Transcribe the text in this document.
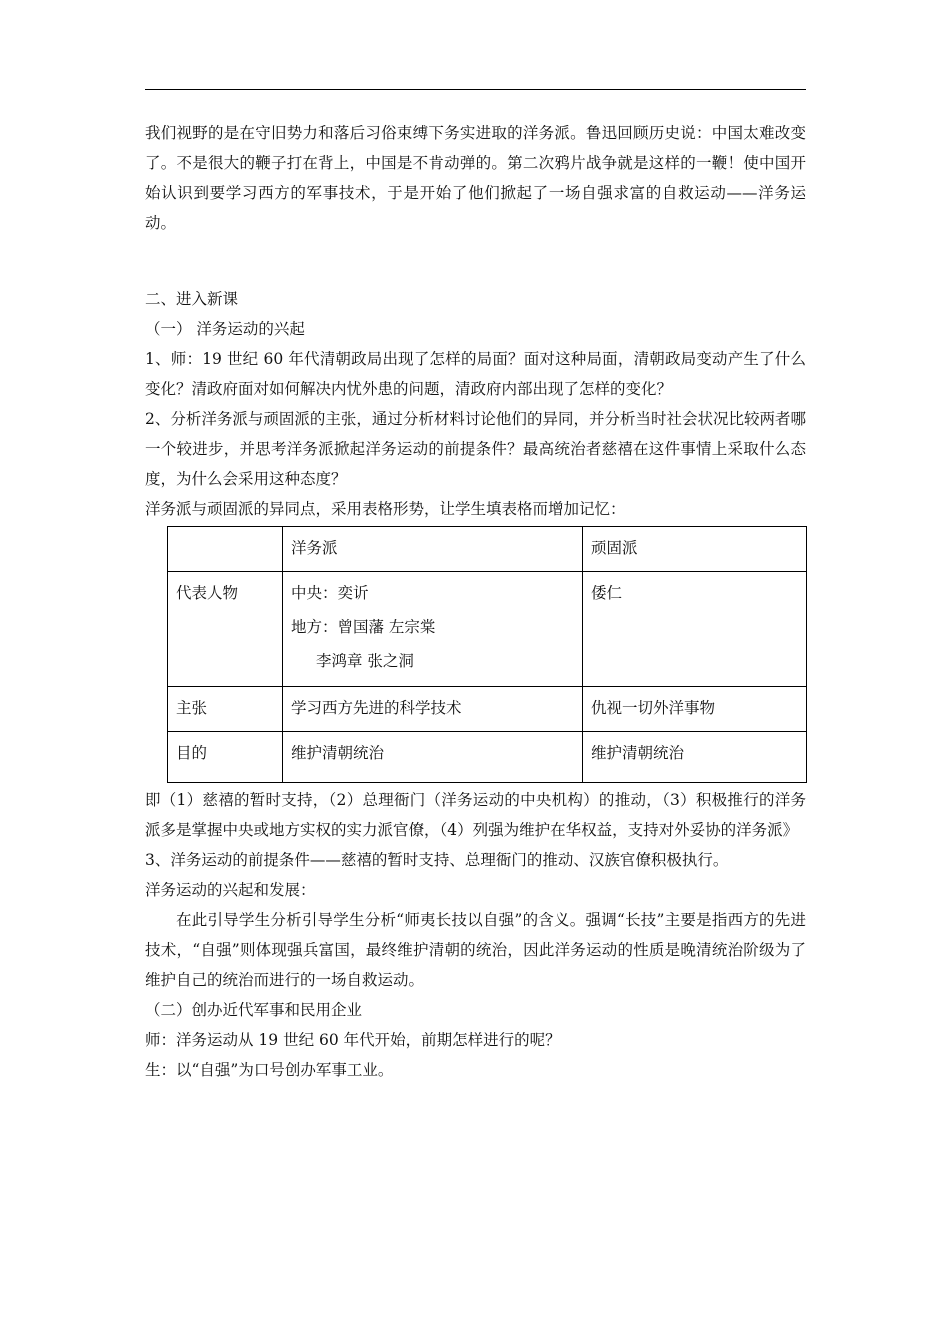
我们视野的是在守旧势力和落后习俗束缚下务实进取的洋务派。鲁迅回顾历史说：中国太难改变了。不是很大的鞭子打在背上，中国是不肯动弹的。第二次鸦片战争就是这样的一鞭！使中国开始认识到要学习西方的军事技术，于是开始了他们掀起了一场自强求富的自救运动——洋务运动。

二、进入新课

（一） 洋务运动的兴起

1、师：19 世纪 60 年代清朝政局出现了怎样的局面？面对这种局面，清朝政局变动产生了什么变化？清政府面对如何解决内忧外患的问题，清政府内部出现了怎样的变化？

2、分析洋务派与顽固派的主张，通过分析材料讨论他们的异同，并分析当时社会状况比较两者哪一个较进步，并思考洋务派掀起洋务运动的前提条件？最高统治者慈禧在这件事情上采取什么态度，为什么会采用这种态度？

洋务派与顽固派的异同点，采用表格形势，让学生填表格而增加记忆：

	洋务派	顽固派
代表人物	中央：奕䜣
地方：曾国藩 左宗棠
李鸿章 张之洞	倭仁
主张	学习西方先进的科学技术	仇视一切外洋事物
目的	维护清朝统治	维护清朝统治

即（1）慈禧的暂时支持，（2）总理衙门（洋务运动的中央机构）的推动，（3）积极推行的洋务派多是掌握中央或地方实权的实力派官僚，（4）列强为维护在华权益，支持对外妥协的洋务派》

3、洋务运动的前提条件——慈禧的暂时支持、总理衙门的推动、汉族官僚积极执行。

洋务运动的兴起和发展：

在此引导学生分析引导学生分析“师夷长技以自强”的含义。强调“长技”主要是指西方的先进技术，“自强”则体现强兵富国，最终维护清朝的统治，因此洋务运动的性质是晚清统治阶级为了维护自己的统治而进行的一场自救运动。

（二）创办近代军事和民用企业

师：洋务运动从 19 世纪 60 年代开始，前期怎样进行的呢？

生：以“自强”为口号创办军事工业。
